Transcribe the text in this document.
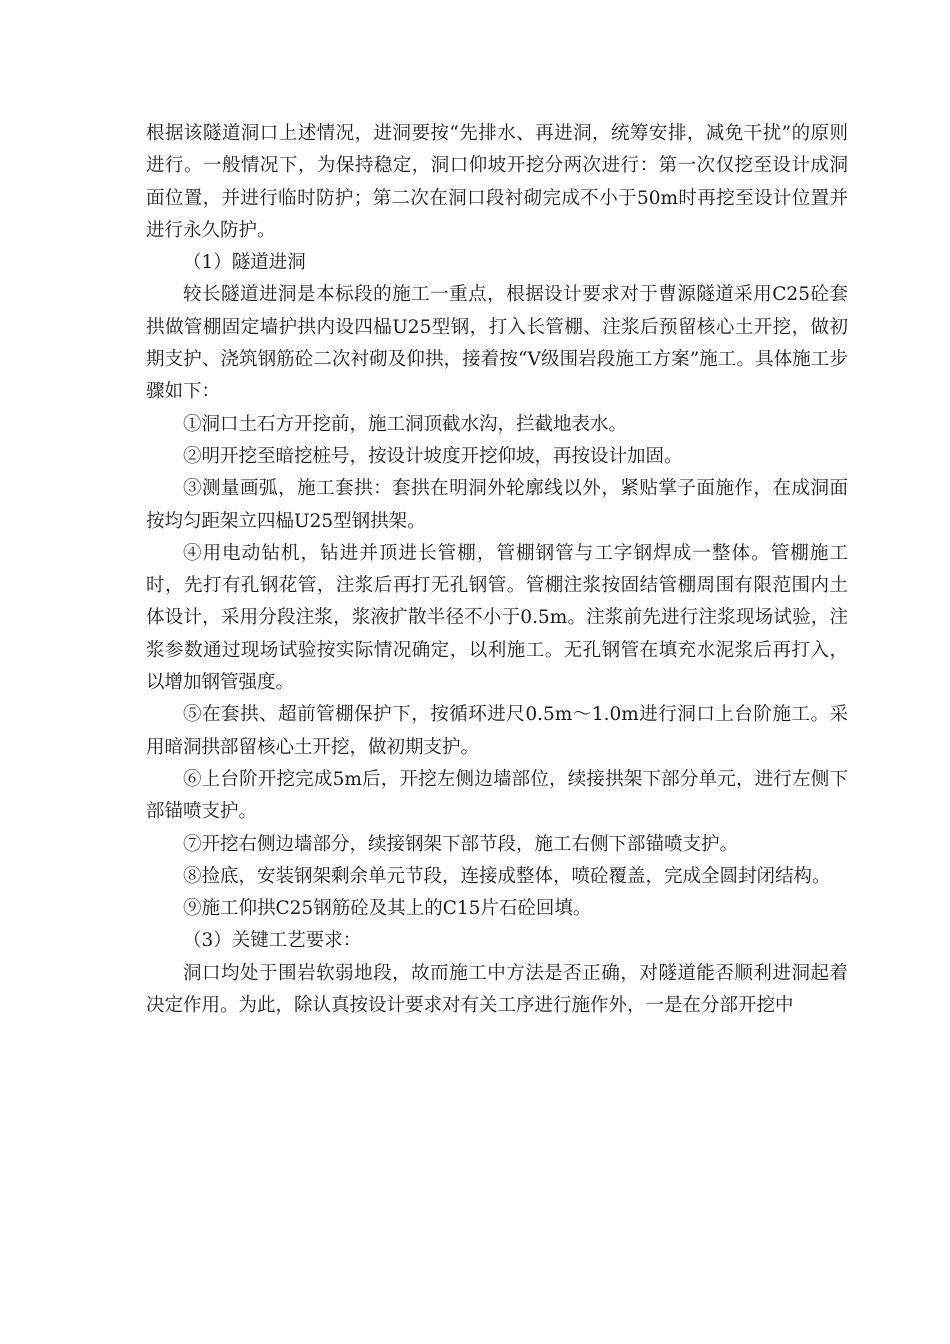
根据该隧道洞口上述情况，进洞要按“先排水、再进洞，统筹安排，减免干扰”的原则进行。一般情况下，为保持稳定，洞口仰坡开挖分两次进行：第一次仅挖至设计成洞面位置，并进行临时防护；第二次在洞口段衬砌完成不小于50m时再挖至设计位置并进行永久防护。

（1）隧道进洞

较长隧道进洞是本标段的施工一重点，根据设计要求对于曹源隧道采用C25砼套拱做管棚固定墙护拱内设四榀U25型钢，打入长管棚、注浆后预留核心土开挖，做初期支护、浇筑钢筋砼二次衬砌及仰拱，接着按“Ⅴ级围岩段施工方案”施工。具体施工步骤如下：

①洞口土石方开挖前，施工洞顶截水沟，拦截地表水。

②明开挖至暗挖桩号，按设计坡度开挖仰坡，再按设计加固。

③测量画弧，施工套拱：套拱在明洞外轮廓线以外，紧贴掌子面施作，在成洞面按均匀距架立四榀U25型钢拱架。

④用电动钻机，钻进并顶进长管棚，管棚钢管与工字钢焊成一整体。管棚施工时，先打有孔钢花管，注浆后再打无孔钢管。管棚注浆按固结管棚周围有限范围内土体设计，采用分段注浆，浆液扩散半径不小于0.5m。注浆前先进行注浆现场试验，注浆参数通过现场试验按实际情况确定，以利施工。无孔钢管在填充水泥浆后再打入，以增加钢管强度。

⑤在套拱、超前管棚保护下，按循环进尺0.5m～1.0m进行洞口上台阶施工。采用暗洞拱部留核心土开挖，做初期支护。

⑥上台阶开挖完成5m后，开挖左侧边墙部位，续接拱架下部分单元，进行左侧下部锚喷支护。

⑦开挖右侧边墙部分，续接钢架下部节段，施工右侧下部锚喷支护。

⑧捡底，安装钢架剩余单元节段，连接成整体，喷砼覆盖，完成全圆封闭结构。

⑨施工仰拱C25钢筋砼及其上的C15片石砼回填。

（3）关键工艺要求：

洞口均处于围岩软弱地段，故而施工中方法是否正确，对隧道能否顺利进洞起着决定作用。为此，除认真按设计要求对有关工序进行施作外，一是在分部开挖中
